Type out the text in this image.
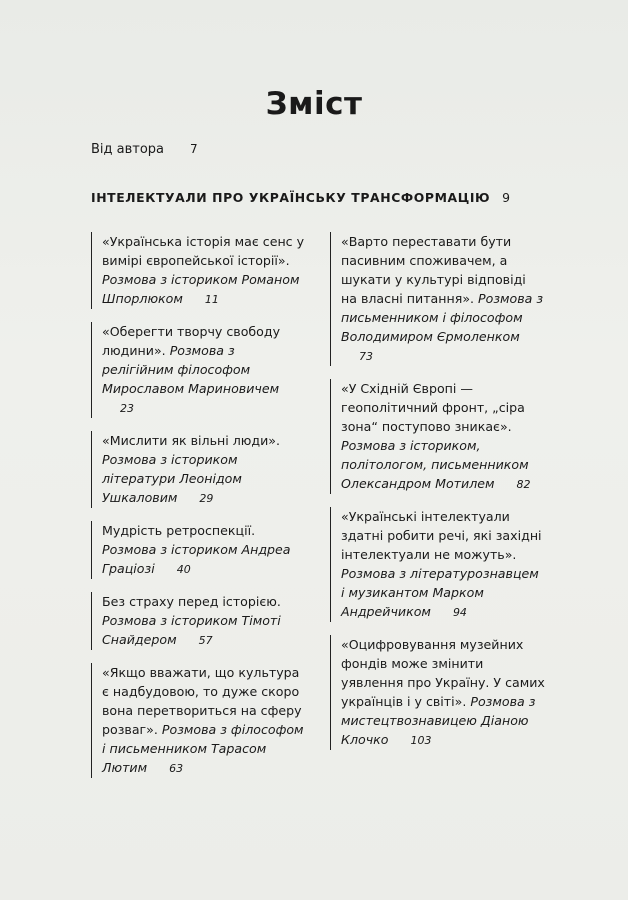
Зміст
Від автора 7
ІНТЕЛЕКТУАЛИ ПРО УКРАЇНСЬКУ ТРАНСФОРМАЦІЮ 9
«Українська історія має сенс у вимірі європейської історії». Розмова з істориком Романом Шпорлюком 11
«Оберегти творчу свободу людини». Розмова з релігійним філософом Мирославом Мариновичем 23
«Мислити як вільні люди». Розмова з істориком літератури Леонідом Ушкаловим 29
Мудрість ретроспекції. Розмова з істориком Андреа Граціозі 40
Без страху перед історією. Розмова з істориком Тімоті Снайдером 57
«Якщо вважати, що культура є надбудовою, то дуже скоро вона перетвориться на сферу розваг». Розмова з філософом і письменником Тарасом Лютим 63
«Варто переставати бути пасивним споживачем, а шукати у культурі відповіді на власні питання». Розмова з письменником і філософом Володимиром Єрмоленком 73
«У Східній Європі — геополітичний фронт, „сіра зона“ поступово зникає». Розмова з істориком, політологом, письменником Олександром Мотилем 82
«Українські інтелектуали здатні робити речі, які західні інтелектуали не можуть». Розмова з літературознавцем і музикантом Марком Андрейчиком 94
«Оцифровування музейних фондів може змінити уявлення про Україну. У самих українців і у світі». Розмова з мистецтвознавицею Діаною Клочко 103
